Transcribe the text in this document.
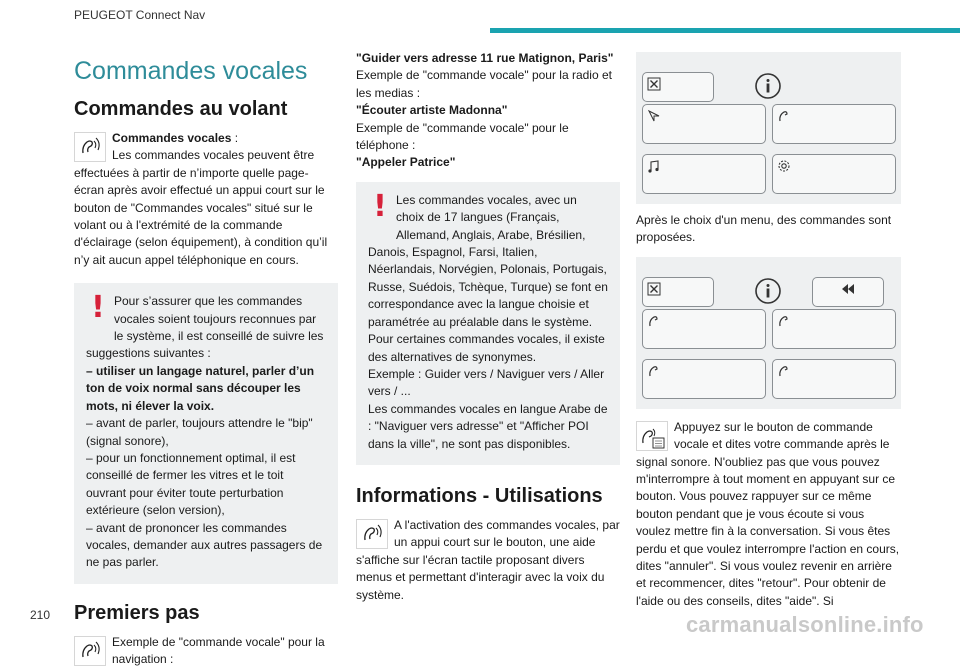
PEUGEOT Connect Nav
Commandes vocales
Commandes au volant
Commandes vocales :
Les commandes vocales peuvent être effectuées à partir de n’importe quelle page-écran après avoir effectué un appui court sur le bouton de "Commandes vocales" situé sur le volant ou à l'extrémité de la commande d'éclairage (selon équipement), à condition qu’il n’y ait aucun appel téléphonique en cours.
! Pour s’assurer que les commandes vocales soient toujours reconnues par le système, il est conseillé de suivre les suggestions suivantes :
– utiliser un langage naturel, parler d’un ton de voix normal sans découper les mots, ni élever la voix.
– avant de parler, toujours attendre le "bip" (signal sonore),
– pour un fonctionnement optimal, il est conseillé de fermer les vitres et le toit ouvrant pour éviter toute perturbation extérieure (selon version),
– avant de prononcer les commandes vocales, demander aux autres passagers de ne pas parler.
Premiers pas
Exemple de "commande vocale" pour la navigation :
"Guider vers adresse 11 rue Matignon, Paris"
Exemple de "commande vocale" pour la radio et les medias :
"Écouter artiste Madonna"
Exemple de "commande vocale" pour le téléphone :
"Appeler Patrice"
! Les commandes vocales, avec un choix de 17 langues (Français, Allemand, Anglais, Arabe, Brésilien, Danois, Espagnol, Farsi, Italien, Néerlandais, Norvégien, Polonais, Portugais, Russe, Suédois, Tchèque, Turque) se font en correspondance avec la langue choisie et paramétrée au préalable dans le système.
Pour certaines commandes vocales, il existe des alternatives de synonymes.
Exemple : Guider vers / Naviguer vers / Aller vers / ...
Les commandes vocales en langue Arabe de : "Naviguer vers adresse" et "Afficher POI dans la ville", ne sont pas disponibles.
Informations - Utilisations
A l'activation des commandes vocales, par un appui court sur le bouton, une aide s'affiche sur l'écran tactile proposant divers menus et permettant d'interagir avec la voix du système.
Après le choix d'un menu, des commandes sont proposées.
Appuyez sur le bouton de commande vocale et dites votre commande après le signal sonore. N'oubliez pas que vous pouvez m'interrompre à tout moment en appuyant sur ce bouton. Vous pouvez rappuyer sur ce même bouton pendant que je vous écoute si vous voulez mettre fin à la conversation. Si vous êtes perdu et que voulez interrompre l'action en cours, dites "annuler". Si vous voulez revenir en arrière et recommencer, dites "retour". Pour obtenir de l'aide ou des conseils, dites "aide". Si
210	carmanualsonline.info
